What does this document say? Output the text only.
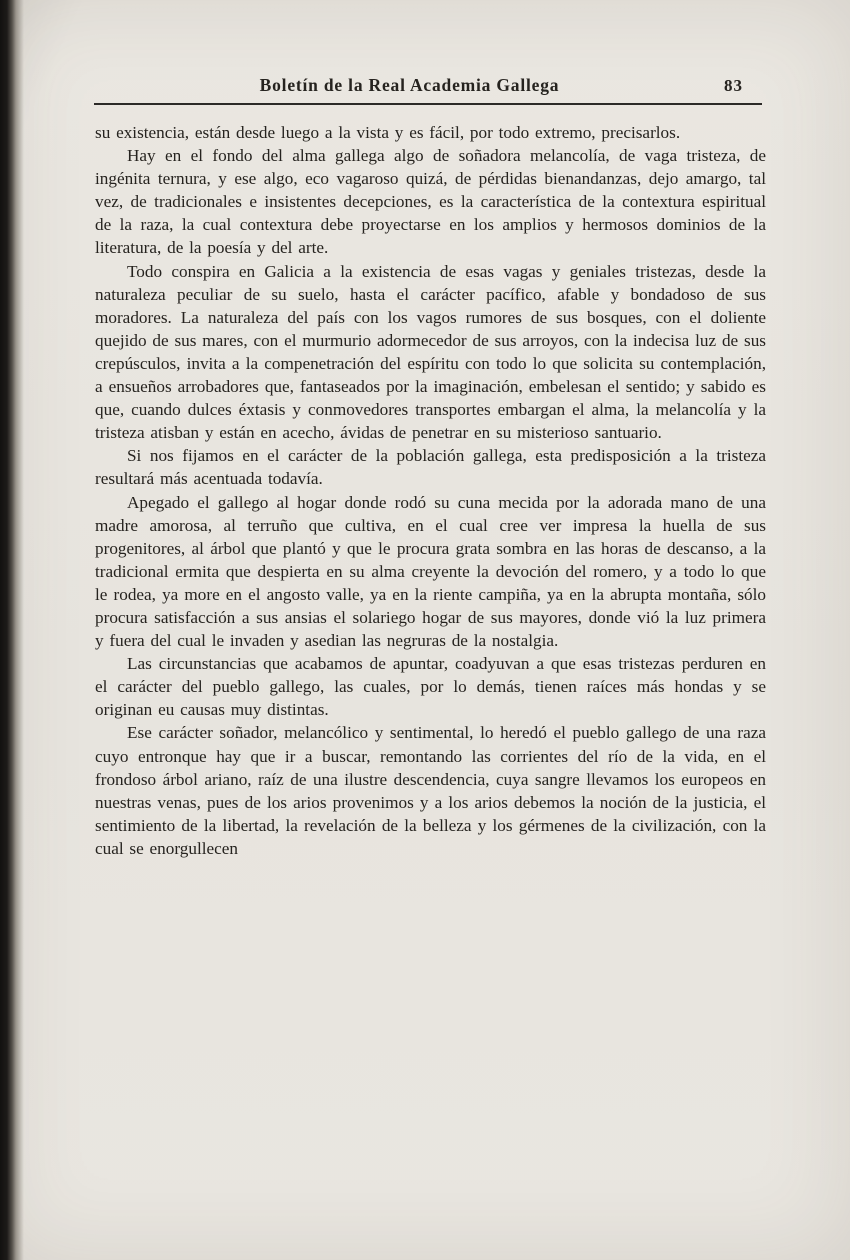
Boletín de la Real Academia Gallega	83

su existencia, están desde luego a la vista y es fácil, por todo extremo, precisarlos.

Hay en el fondo del alma gallega algo de soñadora melancolía, de vaga tristeza, de ingénita ternura, y ese algo, eco vagaroso quizá, de pérdidas bienandanzas, dejo amargo, tal vez, de tradicionales e insistentes decepciones, es la característica de la contextura espiritual de la raza, la cual contextura debe proyectarse en los amplios y hermosos dominios de la literatura, de la poesía y del arte.

Todo conspira en Galicia a la existencia de esas vagas y geniales tristezas, desde la naturaleza peculiar de su suelo, hasta el carácter pacífico, afable y bondadoso de sus moradores. La naturaleza del país con los vagos rumores de sus bosques, con el doliente quejido de sus mares, con el murmurio adormecedor de sus arroyos, con la indecisa luz de sus crepúsculos, invita a la compenetración del espíritu con todo lo que solicita su contemplación, a ensueños arrobadores que, fantaseados por la imaginación, embelesan el sentido; y sabido es que, cuando dulces éxtasis y conmovedores transportes embargan el alma, la melancolía y la tristeza atisban y están en acecho, ávidas de penetrar en su misterioso santuario.

Si nos fijamos en el carácter de la población gallega, esta predisposición a la tristeza resultará más acentuada todavía.

Apegado el gallego al hogar donde rodó su cuna mecida por la adorada mano de una madre amorosa, al terruño que cultiva, en el cual cree ver impresa la huella de sus progenitores, al árbol que plantó y que le procura grata sombra en las horas de descanso, a la tradicional ermita que despierta en su alma creyente la devoción del romero, y a todo lo que le rodea, ya more en el angosto valle, ya en la riente campiña, ya en la abrupta montaña, sólo procura satisfacción a sus ansias el solariego hogar de sus mayores, donde vió la luz primera y fuera del cual le invaden y asedian las negruras de la nostalgia.

Las circunstancias que acabamos de apuntar, coadyuvan a que esas tristezas perduren en el carácter del pueblo gallego, las cuales, por lo demás, tienen raíces más hondas y se originan eu causas muy distintas.

Ese carácter soñador, melancólico y sentimental, lo heredó el pueblo gallego de una raza cuyo entronque hay que ir a buscar, remontando las corrientes del río de la vida, en el frondoso árbol ariano, raíz de una ilustre descendencia, cuya sangre llevamos los europeos en nuestras venas, pues de los arios provenimos y a los arios debemos la noción de la justicia, el sentimiento de la libertad, la revelación de la belleza y los gérmenes de la civilización, con la cual se enorgullecen
